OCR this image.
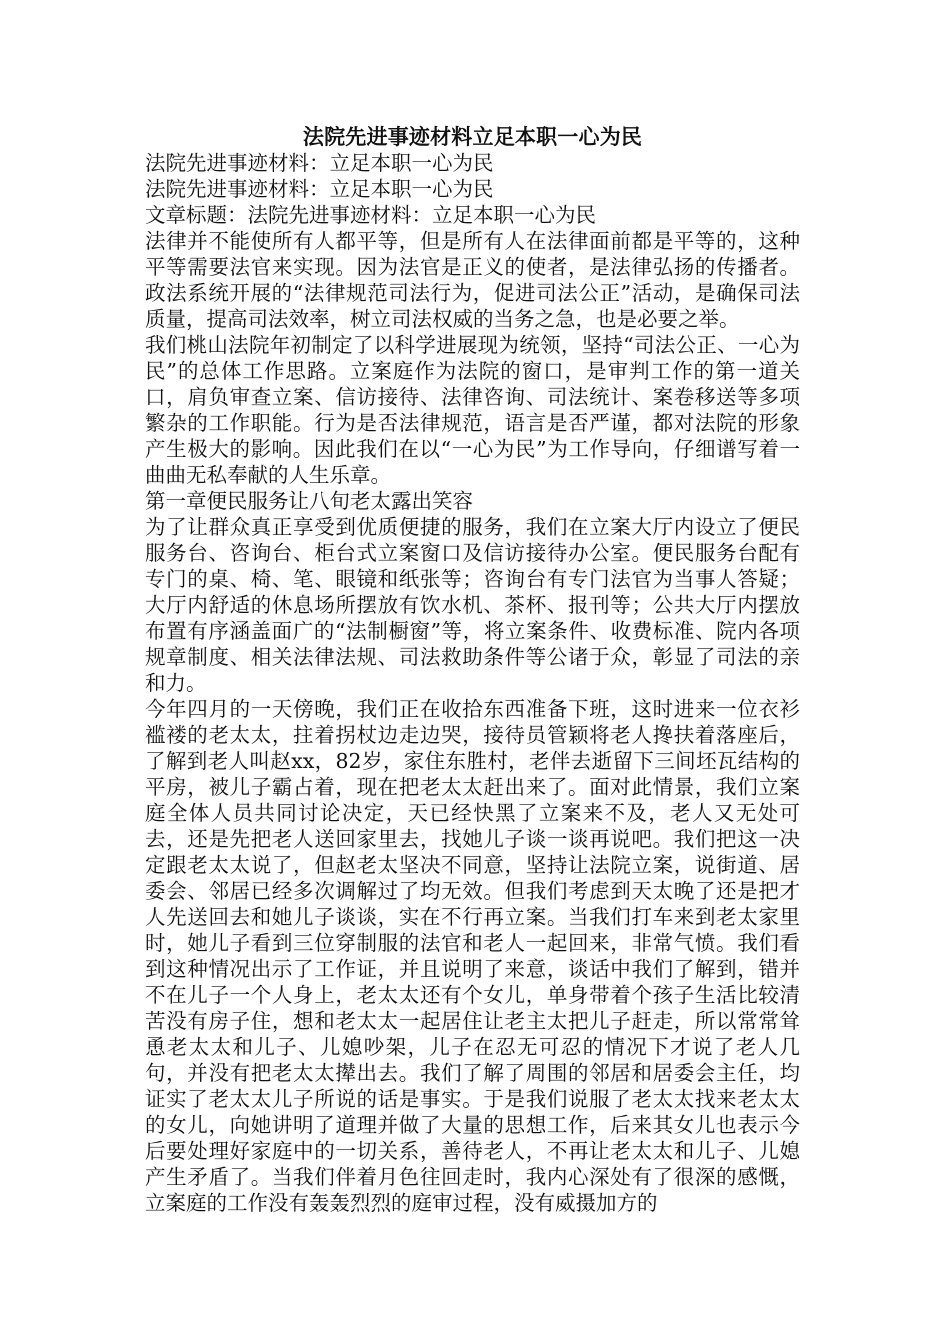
法院先进事迹材料立足本职一心为民
法院先进事迹材料：立足本职一心为民
法院先进事迹材料：立足本职一心为民
文章标题：法院先进事迹材料：立足本职一心为民

法律并不能使所有人都平等，但是所有人在法律面前都是平等的，这种平等需要法官来实现。因为法官是正义的使者，是法律弘扬的传播者。政法系统开展的“法律规范司法行为，促进司法公正”活动，是确保司法质量，提高司法效率，树立司法权威的当务之急，也是必要之举。

我们桃山法院年初制定了以科学进展现为统领，坚持“司法公正、一心为民”的总体工作思路。立案庭作为法院的窗口，是审判工作的第一道关口，肩负审查立案、信访接待、法律咨询、司法统计、案卷移送等多项繁杂的工作职能。行为是否法律规范，语言是否严谨，都对法院的形象产生极大的影响。因此我们在以“一心为民”为工作导向，仔细谱写着一曲曲无私奉献的人生乐章。

第一章便民服务让八旬老太露出笑容

为了让群众真正享受到优质便捷的服务，我们在立案大厅内设立了便民服务台、咨询台、柜台式立案窗口及信访接待办公室。便民服务台配有专门的桌、椅、笔、眼镜和纸张等；咨询台有专门法官为当事人答疑；大厅内舒适的休息场所摆放有饮水机、茶杯、报刊等；公共大厅内摆放布置有序涵盖面广的“法制橱窗”等，将立案条件、收费标准、院内各项规章制度、相关法律法规、司法救助条件等公诸于众，彰显了司法的亲和力。

今年四月的一天傍晚，我们正在收拾东西准备下班，这时进来一位衣衫褴褛的老太太，拄着拐杖边走边哭，接待员管颖将老人搀扶着落座后，了解到老人叫赵xx，82岁，家住东胜村，老伴去逝留下三间坯瓦结构的平房，被儿子霸占着，现在把老太太赶出来了。面对此情景，我们立案庭全体人员共同讨论决定，天已经快黑了立案来不及，老人又无处可去，还是先把老人送回家里去，找她儿子谈一谈再说吧。我们把这一决定跟老太太说了，但赵老太坚决不同意，坚持让法院立案，说街道、居委会、邻居已经多次调解过了均无效。但我们考虑到天太晚了还是把才人先送回去和她儿子谈谈，实在不行再立案。当我们打车来到老太家里时，她儿子看到三位穿制服的法官和老人一起回来，非常气愤。我们看到这种情况出示了工作证，并且说明了来意，谈话中我们了解到，错并不在儿子一个人身上，老太太还有个女儿，单身带着个孩子生活比较清苦没有房子住，想和老太太一起居住让老主太把儿子赶走，所以常常耸恿老太太和儿子、儿媳吵架，儿子在忍无可忍的情况下才说了老人几句，并没有把老太太撵出去。我们了解了周围的邻居和居委会主任，均证实了老太太儿子所说的话是事实。于是我们说服了老太太找来老太太的女儿，向她讲明了道理并做了大量的思想工作，后来其女儿也表示今后要处理好家庭中的一切关系，善待老人，不再让老太太和儿子、儿媳产生矛盾了。当我们伴着月色往回走时，我内心深处有了很深的感慨，立案庭的工作没有轰轰烈烈的庭审过程，没有威摄加方的
